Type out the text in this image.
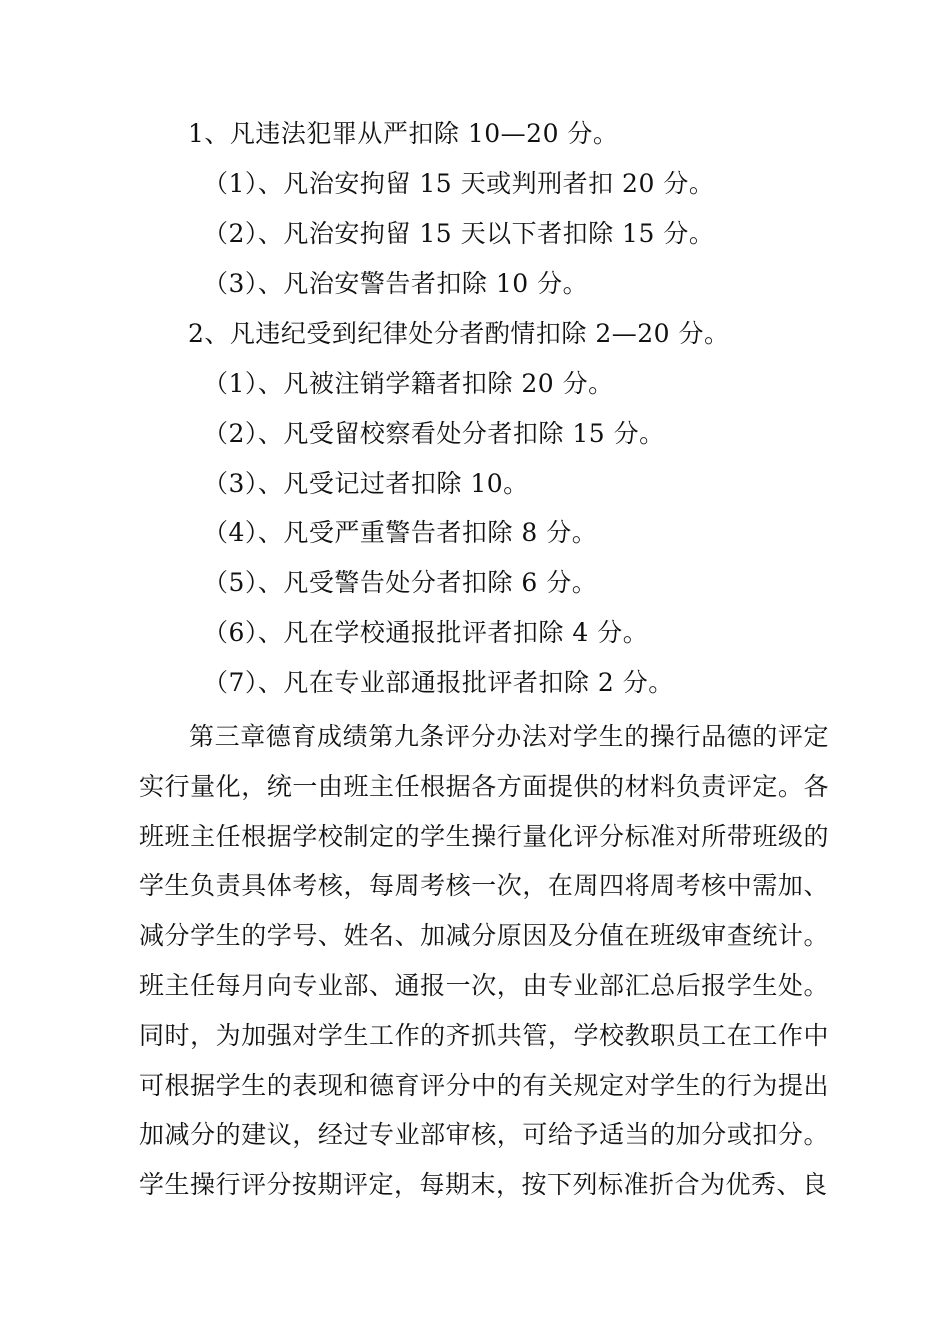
1、凡违法犯罪从严扣除 10—20 分。
（1）、凡治安拘留 15 天或判刑者扣 20 分。
（2）、凡治安拘留 15 天以下者扣除 15 分。
（3）、凡治安警告者扣除 10 分。
2、凡违纪受到纪律处分者酌情扣除 2—20 分。
（1）、凡被注销学籍者扣除 20 分。
（2）、凡受留校察看处分者扣除 15 分。
（3）、凡受记过者扣除 10。
（4）、凡受严重警告者扣除 8 分。
（5）、凡受警告处分者扣除 6 分。
（6）、凡在学校通报批评者扣除 4 分。
（7）、凡在专业部通报批评者扣除 2 分。
第三章德育成绩第九条评分办法对学生的操行品德的评定实行量化，统一由班主任根据各方面提供的材料负责评定。各班班主任根据学校制定的学生操行量化评分标准对所带班级的学生负责具体考核，每周考核一次，在周四将周考核中需加、减分学生的学号、姓名、加减分原因及分值在班级审查统计。班主任每月向专业部、通报一次，由专业部汇总后报学生处。同时，为加强对学生工作的齐抓共管，学校教职员工在工作中可根据学生的表现和德育评分中的有关规定对学生的行为提出加减分的建议，经过专业部审核，可给予适当的加分或扣分。学生操行评分按期评定，每期末，按下列标准折合为优秀、良
